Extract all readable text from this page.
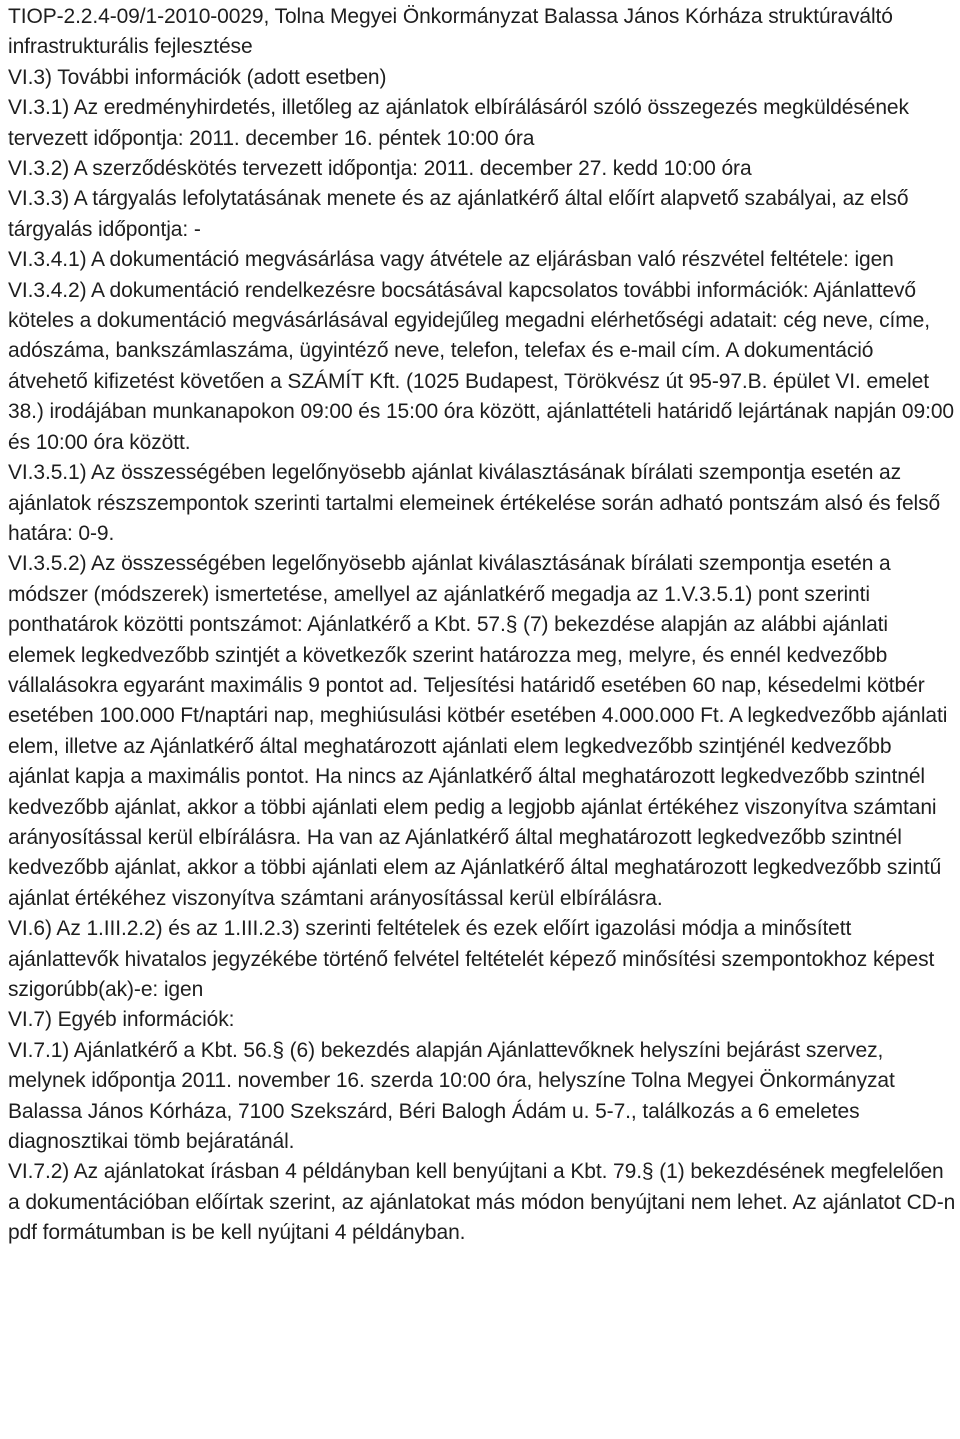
TIOP-2.2.4-09/1-2010-0029, Tolna Megyei Önkormányzat Balassa János Kórháza struktúraváltó infrastrukturális fejlesztése

VI.3) További információk (adott esetben)

VI.3.1) Az eredményhirdetés, illetőleg az ajánlatok elbírálásáról szóló összegezés megküldésének tervezett időpontja: 2011. december 16. péntek 10:00 óra

VI.3.2) A szerződéskötés tervezett időpontja: 2011. december 27. kedd 10:00 óra

VI.3.3) A tárgyalás lefolytatásának menete és az ajánlatkérő által előírt alapvető szabályai, az első tárgyalás időpontja: -

VI.3.4.1) A dokumentáció megvásárlása vagy átvétele az eljárásban való részvétel feltétele: igen

VI.3.4.2) A dokumentáció rendelkezésre bocsátásával kapcsolatos további információk: Ajánlattevő köteles a dokumentáció megvásárlásával egyidejűleg megadni elérhetőségi adatait: cég neve, címe, adószáma, bankszámlaszáma, ügyintéző neve, telefon, telefax és e-mail cím. A dokumentáció átvehető kifizetést követően a SZÁMÍT Kft. (1025 Budapest, Törökvész út 95-97.B. épület VI. emelet 38.) irodájában munkanapokon 09:00 és 15:00 óra között, ajánlattételi határidő lejártának napján 09:00 és 10:00 óra között.

VI.3.5.1) Az összességében legelőnyösebb ajánlat kiválasztásának bírálati szempontja esetén az ajánlatok részszempontok szerinti tartalmi elemeinek értékelése során adható pontszám alsó és felső határa: 0-9.

VI.3.5.2) Az összességében legelőnyösebb ajánlat kiválasztásának bírálati szempontja esetén a módszer (módszerek) ismertetése, amellyel az ajánlatkérő megadja az 1.V.3.5.1) pont szerinti ponthatárok közötti pontszámot: Ajánlatkérő a Kbt. 57.§ (7) bekezdése alapján az alábbi ajánlati elemek legkedvezőbb szintjét a következők szerint határozza meg, melyre, és ennél kedvezőbb vállalásokra egyaránt maximális 9 pontot ad. Teljesítési határidő esetében 60 nap, késedelmi kötbér esetében 100.000 Ft/naptári nap, meghiúsulási kötbér esetében 4.000.000 Ft. A legkedvezőbb ajánlati elem, illetve az Ajánlatkérő által meghatározott ajánlati elem legkedvezőbb szintjénél kedvezőbb ajánlat kapja a maximális pontot. Ha nincs az Ajánlatkérő által meghatározott legkedvezőbb szintnél kedvezőbb ajánlat, akkor a többi ajánlati elem pedig a legjobb ajánlat értékéhez viszonyítva számtani arányosítással kerül elbírálásra. Ha van az Ajánlatkérő által meghatározott legkedvezőbb szintnél kedvezőbb ajánlat, akkor a többi ajánlati elem az Ajánlatkérő által meghatározott legkedvezőbb szintű ajánlat értékéhez viszonyítva számtani arányosítással kerül elbírálásra.

VI.6) Az 1.III.2.2) és az 1.III.2.3) szerinti feltételek és ezek előírt igazolási módja a minősített ajánlattevők hivatalos jegyzékébe történő felvétel feltételét képező minősítési szempontokhoz képest szigorúbb(ak)-e: igen

VI.7) Egyéb információk:

VI.7.1) Ajánlatkérő a Kbt. 56.§ (6) bekezdés alapján Ajánlattevőknek helyszíni bejárást szervez, melynek időpontja 2011. november 16. szerda 10:00 óra, helyszíne Tolna Megyei Önkormányzat Balassa János Kórháza, 7100 Szekszárd, Béri Balogh Ádám u. 5-7., találkozás a 6 emeletes diagnosztikai tömb bejáratánál.

VI.7.2) Az ajánlatokat írásban 4 példányban kell benyújtani a Kbt. 79.§ (1) bekezdésének megfelelően a dokumentációban előírtak szerint, az ajánlatokat más módon benyújtani nem lehet. Az ajánlatot CD-n pdf formátumban is be kell nyújtani 4 példányban.
